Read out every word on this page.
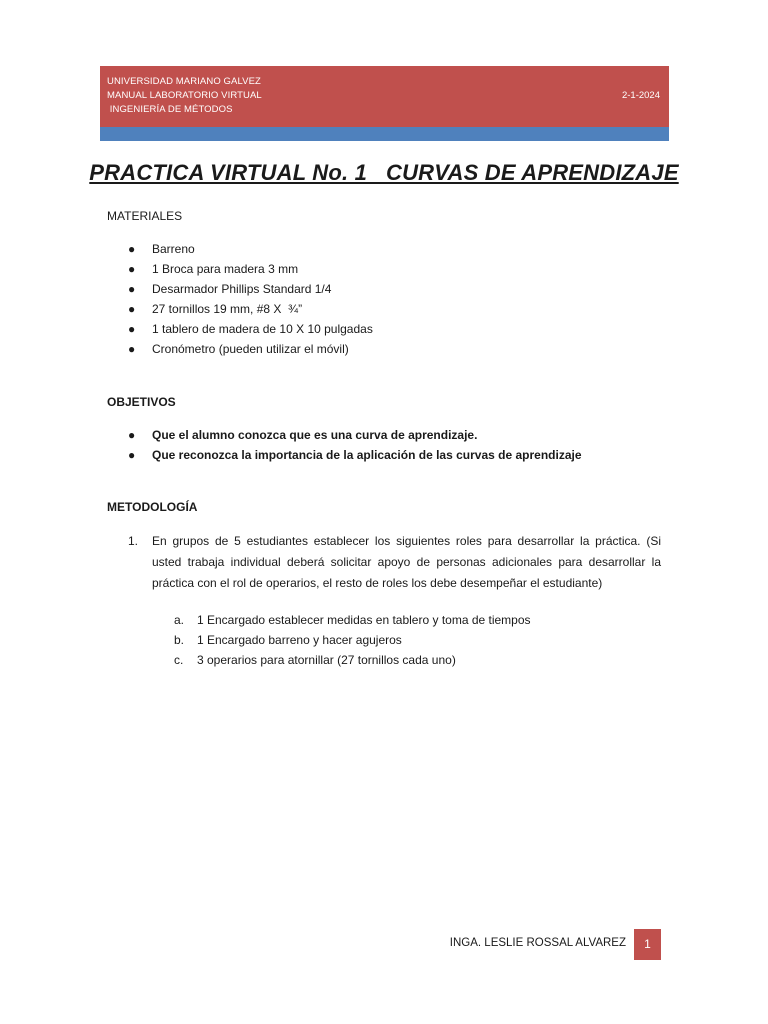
UNIVERSIDAD MARIANO GALVEZ
MANUAL LABORATORIO VIRTUAL
INGENIERÍA DE MÉTODOS
2-1-2024
PRACTICA VIRTUAL No. 1   CURVAS DE APRENDIZAJE
MATERIALES
● Barreno
● 1 Broca para madera 3 mm
● Desarmador Phillips Standard 1/4
● 27 tornillos 19 mm, #8 X  ¾”
● 1 tablero de madera de 10 X 10 pulgadas
● Cronómetro (pueden utilizar el móvil)
OBJETIVOS
● Que el alumno conozca que es una curva de aprendizaje.
● Que reconozca la importancia de la aplicación de las curvas de aprendizaje
METODOLOGÍA
1. En grupos de 5 estudiantes establecer los siguientes roles para desarrollar la práctica. (Si usted trabaja individual deberá solicitar apoyo de personas adicionales para desarrollar la práctica con el rol de operarios, el resto de roles los debe desempeñar el estudiante)
a. 1 Encargado establecer medidas en tablero y toma de tiempos
b. 1 Encargado barreno y hacer agujeros
c. 3 operarios para atornillar (27 tornillos cada uno)
INGA. LESLIE ROSSAL ALVAREZ	1
